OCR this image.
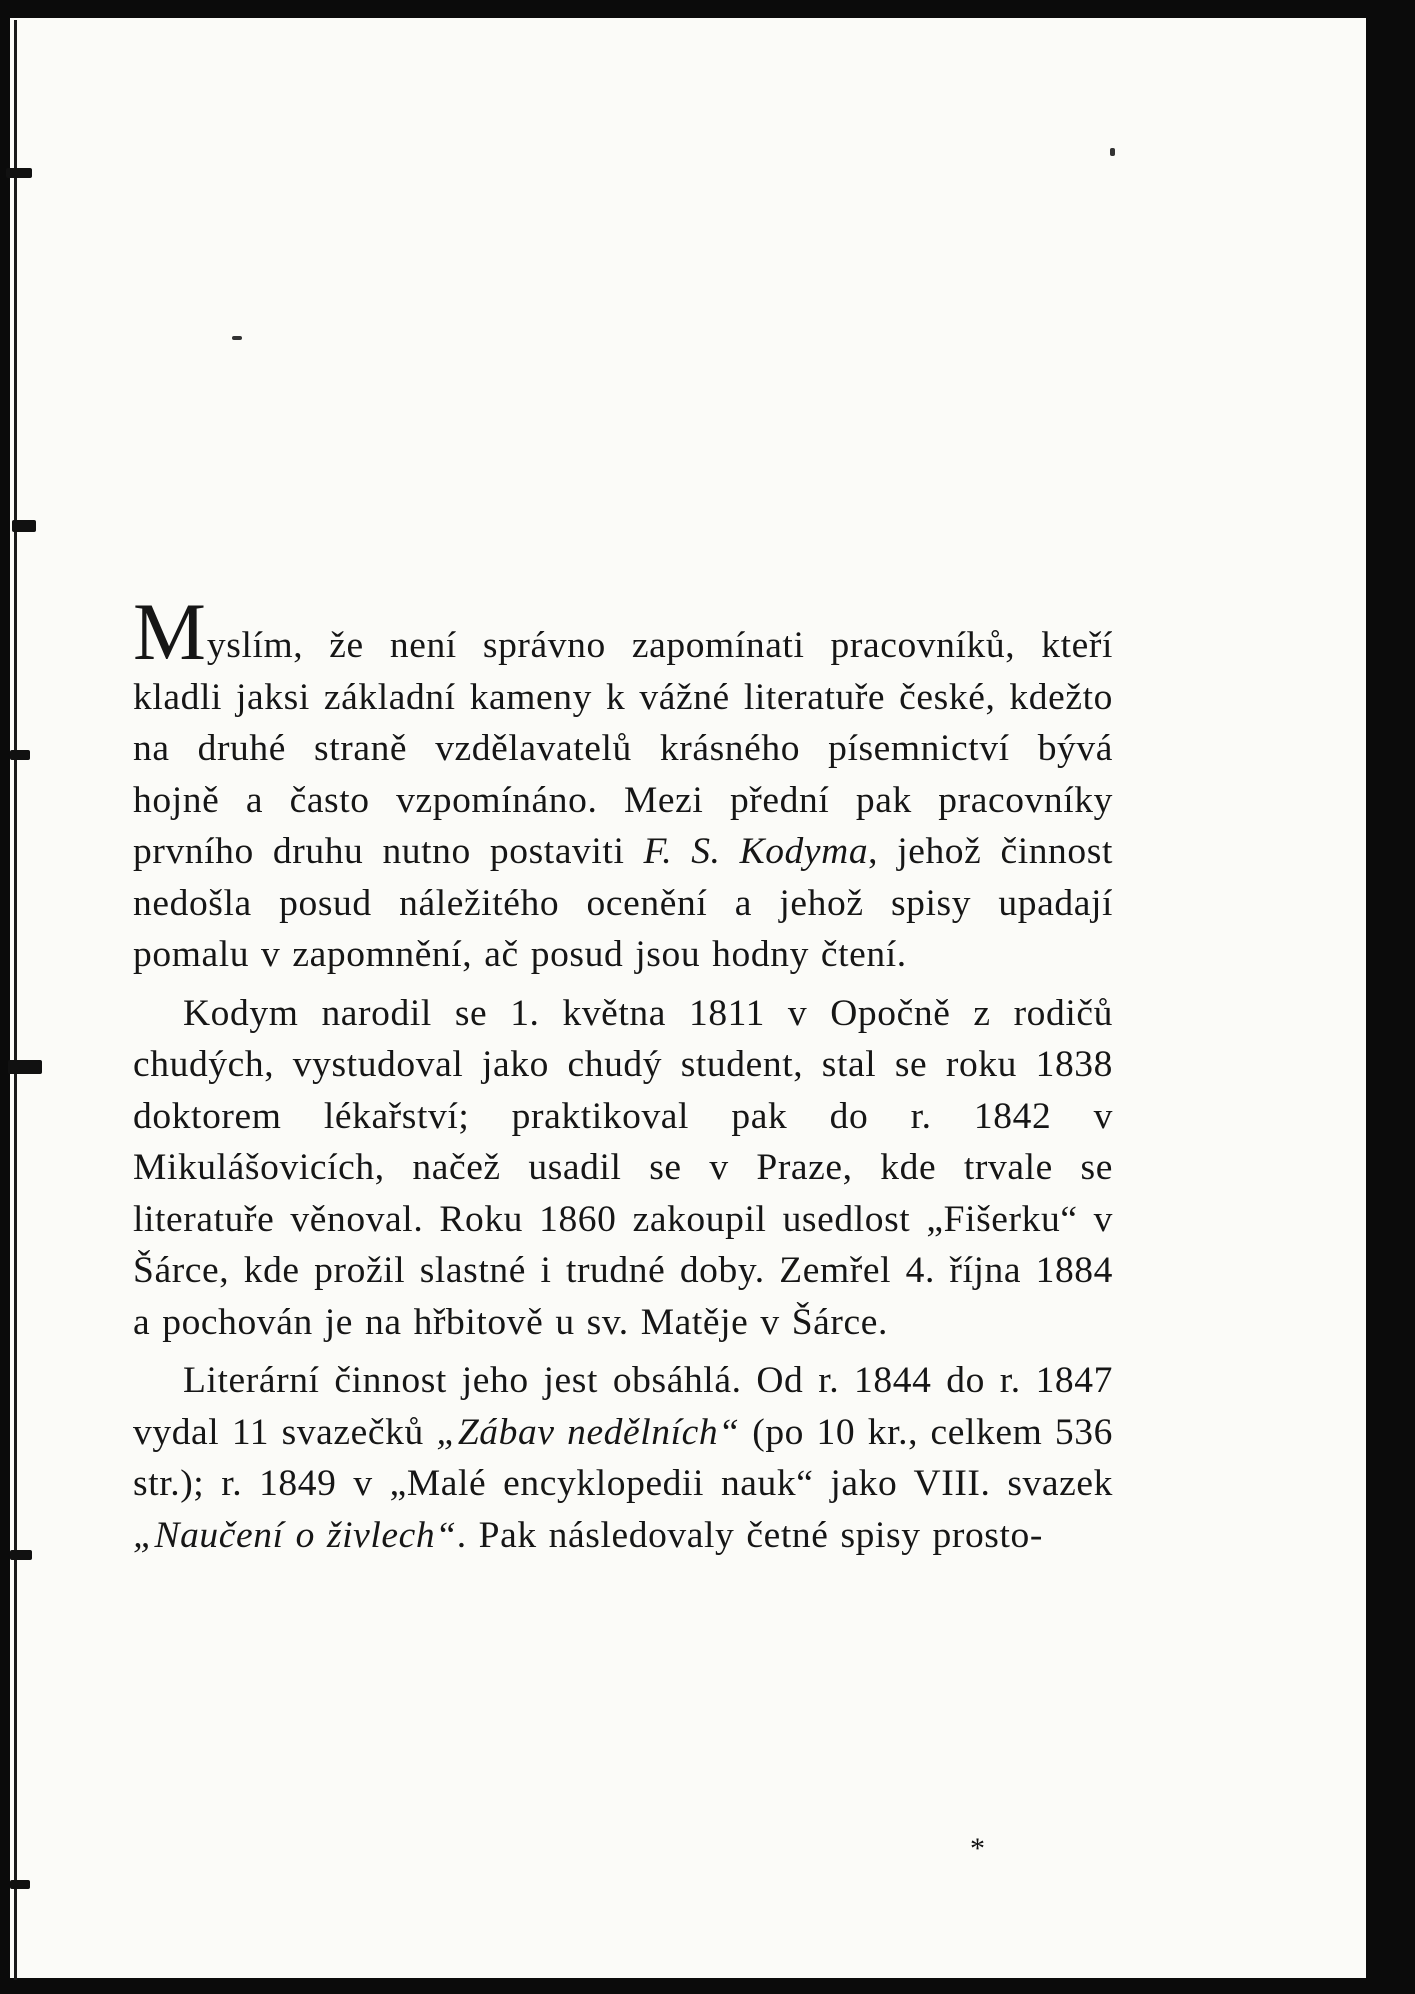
Myslím, že není správno zapomínati pracovníků, kteří kladli jaksi základní kameny k vážné literatuře české, kdežto na druhé straně vzdělavatelů krásného písemnictví bývá hojně a často vzpomínáno. Mezi přední pak pracovníky prvního druhu nutno postaviti F. S. Kodyma, jehož činnost nedošla posud náležitého ocenění a jehož spisy upadají pomalu v zapomnění, ač posud jsou hodny čtení.

Kodym narodil se 1. května 1811 v Opočně z rodičů chudých, vystudoval jako chudý student, stal se roku 1838 doktorem lékařství; praktikoval pak do r. 1842 v Mikulášovicích, načež usadil se v Praze, kde trvale se literatuře věnoval. Roku 1860 zakoupil usedlost „Fišerku“ v Šárce, kde prožil slastné i trudné doby. Zemřel 4. října 1884 a pochován je na hřbitově u sv. Matěje v Šárce.

Literární činnost jeho jest obsáhlá. Od r. 1844 do r. 1847 vydal 11 svazečků „Zábav nedělních“ (po 10 kr., celkem 536 str.); r. 1849 v „Malé encyklopedii nauk“ jako VIII. svazek „Naučení o živlech“. Pak následovaly četné spisy prosto-

*
